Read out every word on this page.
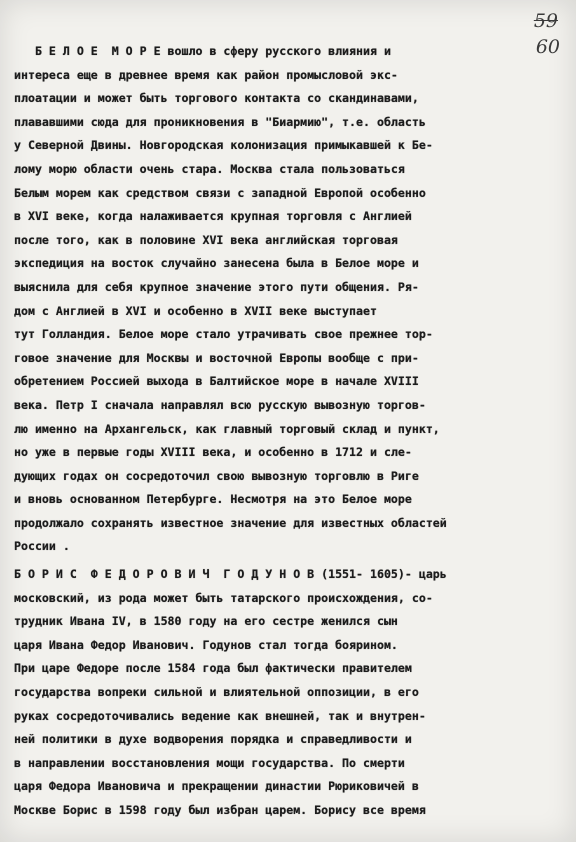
59
60
Б Е Л О Е  М О Р Е вошло в сферу русского влияния и
интереса еще в древнее время как район промысловой экс-
плоатации и может быть торгового контакта со скандинавами,
плававшими сюда для проникновения в "Биармию", т.е. область
у Северной Двины. Новгородская колонизация примыкавшей к Бе-
лому морю области очень стара. Москва стала пользоваться
Белым морем как средством связи с западной Европой особенно
в XVI веке, когда налаживается крупная торговля с Англией
после того, как в половине XVI века английская торговая
экспедиция на восток случайно занесена была в Белое море и
выяснила для себя крупное значение этого пути общения. Ря-
дом с Англией в XVI и особенно в XVII веке выступает
тут Голландия. Белое море стало утрачивать свое прежнее тор-
говое значение для Москвы и восточной Европы вообще с при-
обретением Россией выхода в Балтийское море в начале XVIII
века. Петр I сначала направлял всю русскую вывозную торгов-
лю именно на Архангельск, как главный торговый склад и пункт,
но уже в первые годы XVIII века, и особенно в 1712 и сле-
дующих годах он сосредоточил свою вывозную торговлю в Риге
и вновь основанном Петербурге. Несмотря на это Белое море
продолжало сохранять известное значение для известных областей
России .
Б О Р И С  Ф Е Д О Р О В И Ч  Г О Д У Н О В (1551- 1605)- царь
московский, из рода может быть татарского происхождения, со-
трудник Ивана IV, в 1580 году на его сестре женился сын
царя Ивана Федор Иванович. Годунов стал тогда боярином.
При царе Федоре после 1584 года был фактически правителем
государства вопреки сильной и влиятельной оппозиции, в его
руках сосредоточивались ведение как внешней, так и внутрен-
ней политики в духе водворения порядка и справедливости и
в направлении восстановления мощи государства. По смерти
царя Федора Ивановича и прекращении династии Рюриковичей в
Москве Борис в 1598 году был избран царем. Борису все время
